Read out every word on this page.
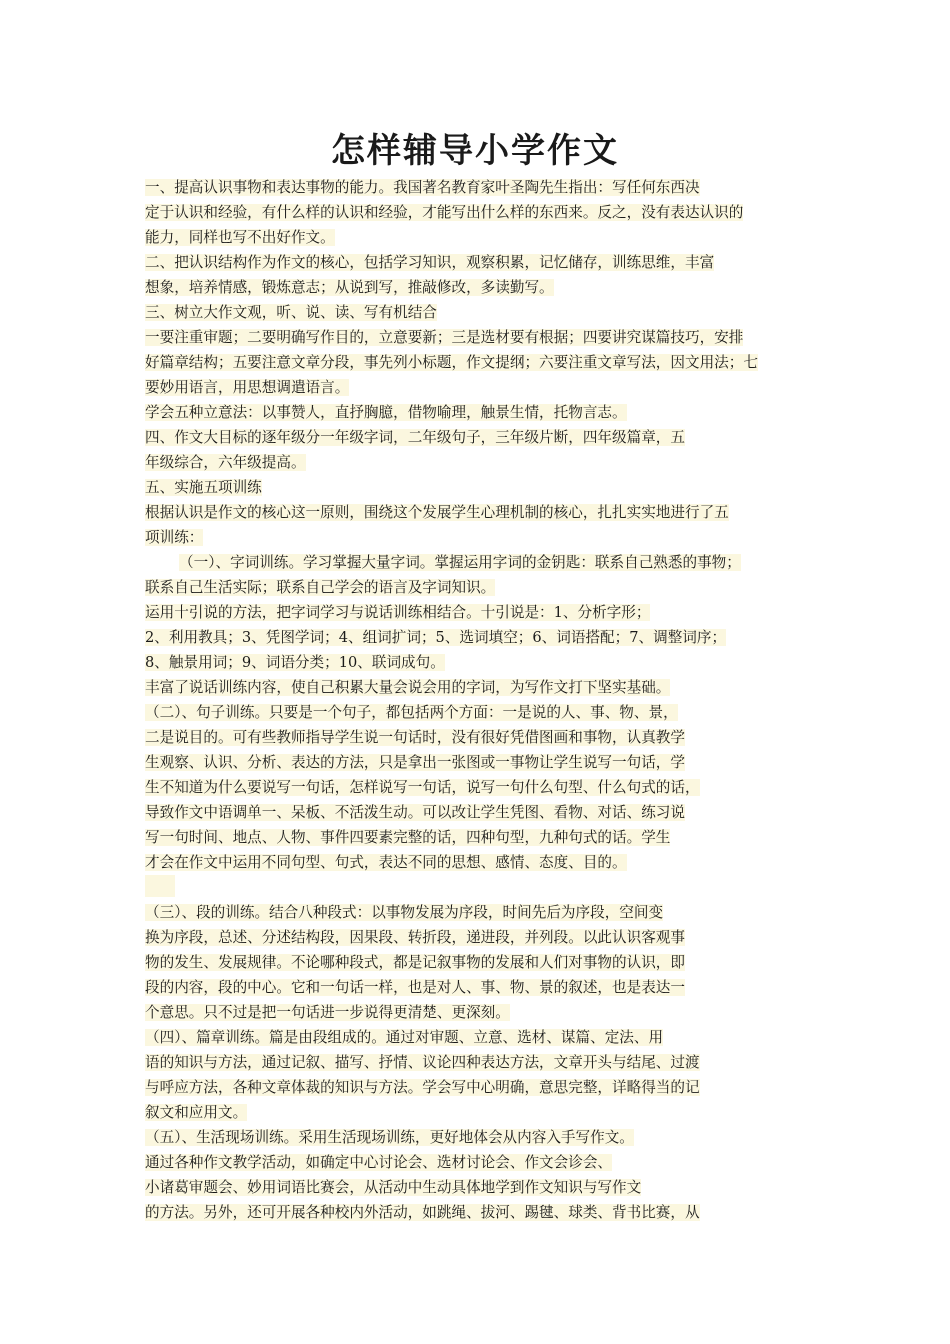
怎样辅导小学作文
一、提高认识事物和表达事物的能力。我国著名教育家叶圣陶先生指出：写任何东西决
定于认识和经验，有什么样的认识和经验，才能写出什么样的东西来。反之，没有表达认识的
能力，同样也写不出好作文。
二、把认识结构作为作文的核心，包括学习知识，观察积累，记忆储存，训练思维，丰富
想象，培养情感，锻炼意志；从说到写，推敲修改，多读勤写。
三、树立大作文观，听、说、读、写有机结合
一要注重审题；二要明确写作目的，立意要新；三是选材要有根据；四要讲究谋篇技巧，安排
好篇章结构；五要注意文章分段，事先列小标题，作文提纲；六要注重文章写法，因文用法；七
要妙用语言，用思想调遣语言。
学会五种立意法：以事赞人，直抒胸臆，借物喻理，触景生情，托物言志。
四、作文大目标的逐年级分一年级字词，二年级句子，三年级片断，四年级篇章，五
年级综合，六年级提高。
五、实施五项训练
根据认识是作文的核心这一原则，围绕这个发展学生心理机制的核心，扎扎实实地进行了五
项训练：
（一）、字词训练。学习掌握大量字词。掌握运用字词的金钥匙：联系自己熟悉的事物；
联系自己生活实际；联系自己学会的语言及字词知识。
运用十引说的方法，把字词学习与说话训练相结合。十引说是：1、分析字形；
2、利用教具；3、凭图学词；4、组词扩词；5、选词填空；6、词语搭配；7、调整词序；
8、触景用词；9、词语分类；10、联词成句。
丰富了说话训练内容，使自己积累大量会说会用的字词，为写作文打下坚实基础。
（二）、句子训练。只要是一个句子，都包括两个方面：一是说的人、事、物、景，
二是说目的。可有些教师指导学生说一句话时，没有很好凭借图画和事物，认真教学
生观察、认识、分析、表达的方法，只是拿出一张图或一事物让学生说写一句话，学
生不知道为什么要说写一句话，怎样说写一句话，说写一句什么句型、什么句式的话，
导致作文中语调单一、呆板、不活泼生动。可以改让学生凭图、看物、对话、练习说
写一句时间、地点、人物、事件四要素完整的话，四种句型，九种句式的话。学生
才会在作文中运用不同句型、句式，表达不同的思想、感情、态度、目的。
（三）、段的训练。结合八种段式：以事物发展为序段，时间先后为序段，空间变
换为序段，总述、分述结构段，因果段、转折段，递进段，并列段。以此认识客观事
物的发生、发展规律。不论哪种段式，都是记叙事物的发展和人们对事物的认识，即
段的内容，段的中心。它和一句话一样，也是对人、事、物、景的叙述，也是表达一
个意思。只不过是把一句话进一步说得更清楚、更深刻。
（四）、篇章训练。篇是由段组成的。通过对审题、立意、选材、谋篇、定法、用
语的知识与方法，通过记叙、描写、抒情、议论四种表达方法，文章开头与结尾、过渡
与呼应方法，各种文章体裁的知识与方法。学会写中心明确，意思完整，详略得当的记
叙文和应用文。
（五）、生活现场训练。采用生活现场训练，更好地体会从内容入手写作文。
通过各种作文教学活动，如确定中心讨论会、选材讨论会、作文会诊会、
小诸葛审题会、妙用词语比赛会，从活动中生动具体地学到作文知识与写作文
的方法。另外，还可开展各种校内外活动，如跳绳、拔河、踢毽、球类、背书比赛，从
